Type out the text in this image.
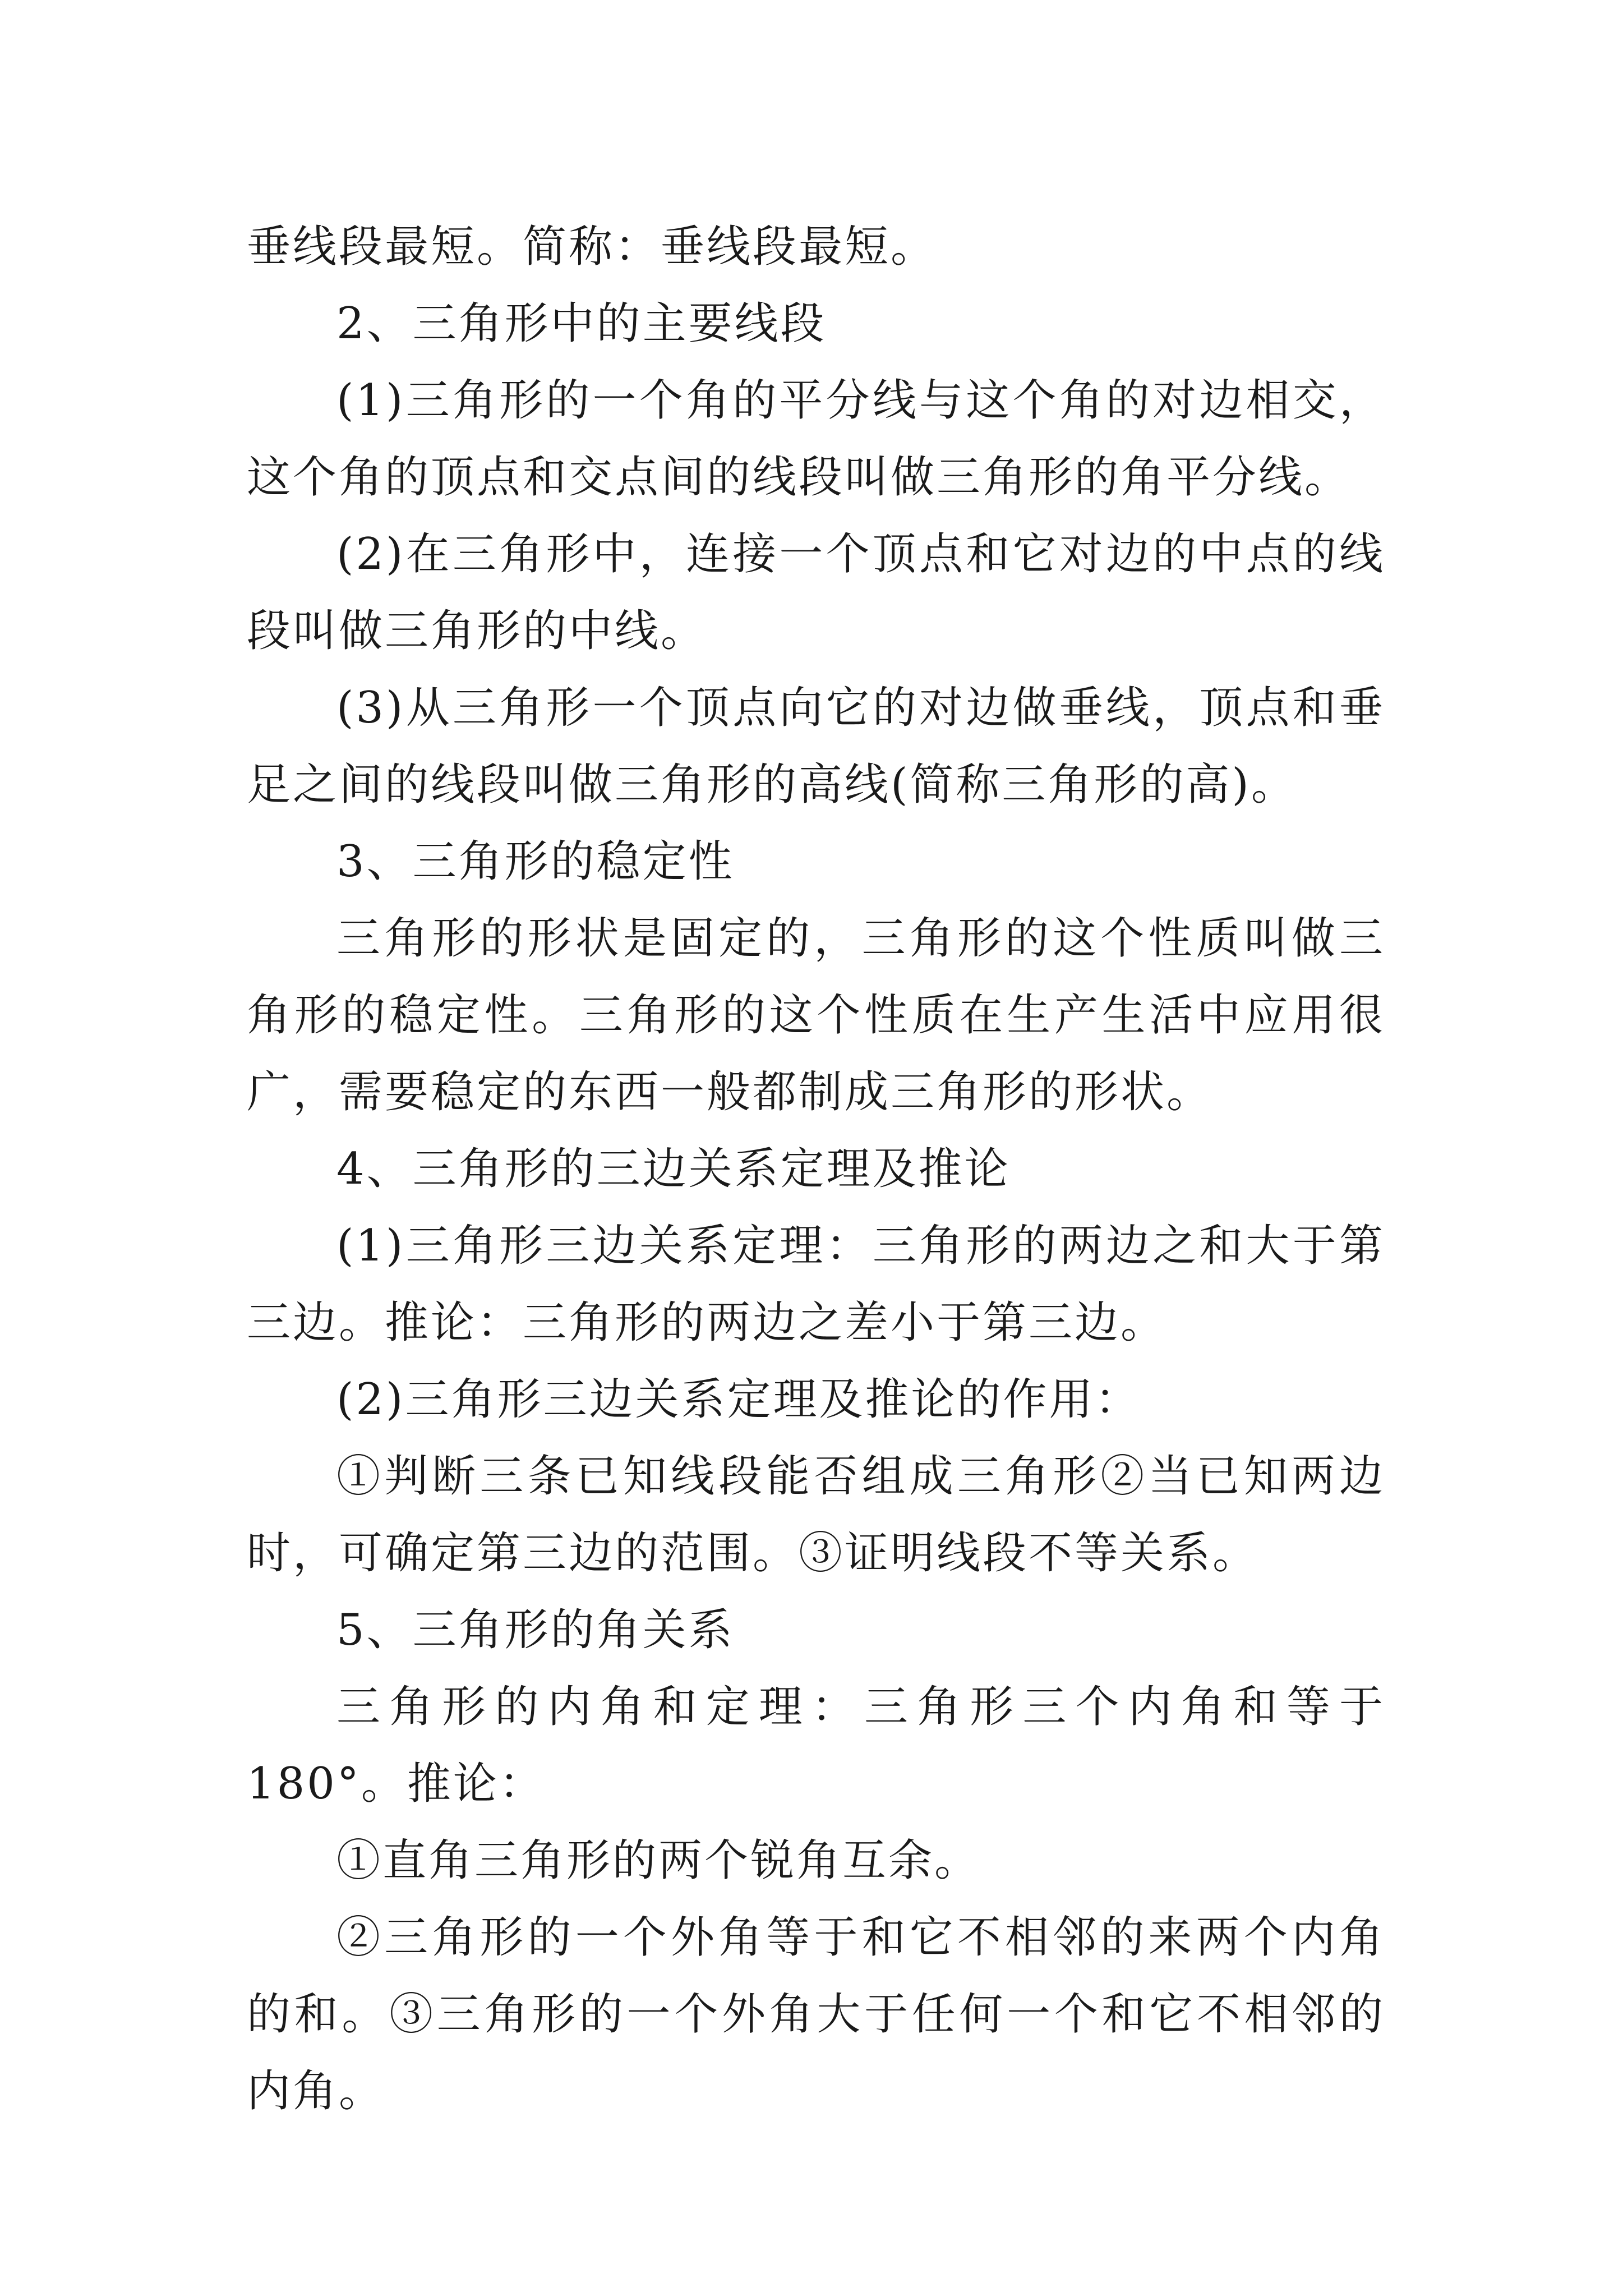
垂线段最短。简称：垂线段最短。

2、三角形中的主要线段

(1)三角形的一个角的平分线与这个角的对边相交，这个角的顶点和交点间的线段叫做三角形的角平分线。

(2)在三角形中，连接一个顶点和它对边的中点的线段叫做三角形的中线。

(3)从三角形一个顶点向它的对边做垂线，顶点和垂足之间的线段叫做三角形的高线(简称三角形的高)。

3、三角形的稳定性

三角形的形状是固定的，三角形的这个性质叫做三角形的稳定性。三角形的这个性质在生产生活中应用很广，需要稳定的东西一般都制成三角形的形状。

4、三角形的三边关系定理及推论

(1)三角形三边关系定理：三角形的两边之和大于第三边。推论：三角形的两边之差小于第三边。

(2)三角形三边关系定理及推论的作用：

①判断三条已知线段能否组成三角形②当已知两边时，可确定第三边的范围。③证明线段不等关系。

5、三角形的角关系

三角形的内角和定理：三角形三个内角和等于180°。推论：

①直角三角形的两个锐角互余。

②三角形的一个外角等于和它不相邻的来两个内角的和。③三角形的一个外角大于任何一个和它不相邻的内角。
